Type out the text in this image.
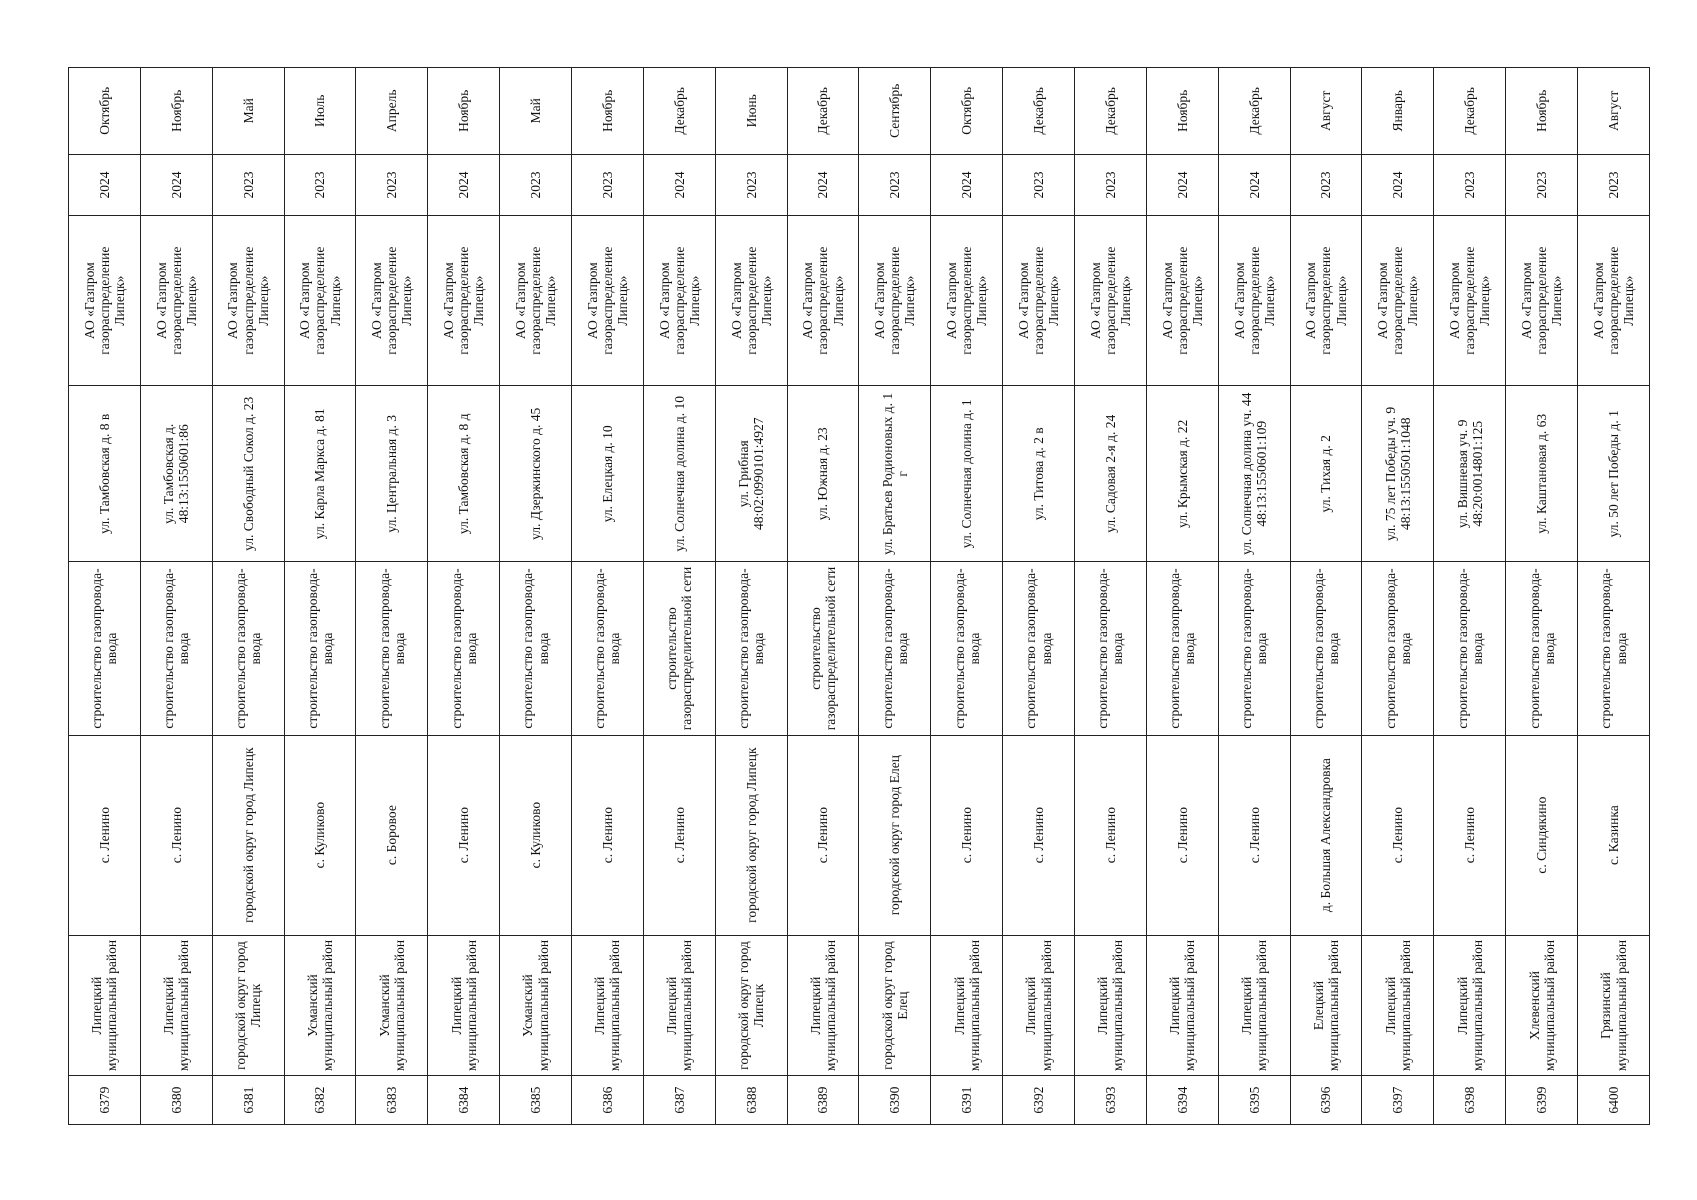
6379	Липецкий муниципальный район	с. Ленино	строительство газопровода-ввода	ул. Тамбовская д. 8 в	АО «Газпром газораспределение Липецк»	2024	Октябрь
6380	Липецкий муниципальный район	с. Ленино	строительство газопровода-ввода	ул. Тамбовская д. 48:13:1550601:86	АО «Газпром газораспределение Липецк»	2024	Ноябрь
6381	городской округ город Липецк	городской округ город Липецк	строительство газопровода-ввода	ул. Свободный Сокол д. 23	АО «Газпром газораспределение Липецк»	2023	Май
6382	Усманский муниципальный район	с. Куликово	строительство газопровода-ввода	ул. Карла Маркса д. 81	АО «Газпром газораспределение Липецк»	2023	Июль
6383	Усманский муниципальный район	с. Боровое	строительство газопровода-ввода	ул. Центральная д. 3	АО «Газпром газораспределение Липецк»	2023	Апрель
6384	Липецкий муниципальный район	с. Ленино	строительство газопровода-ввода	ул. Тамбовская д. 8 д	АО «Газпром газораспределение Липецк»	2024	Ноябрь
6385	Усманский муниципальный район	с. Куликово	строительство газопровода-ввода	ул. Дзержинского д. 45	АО «Газпром газораспределение Липецк»	2023	Май
6386	Липецкий муниципальный район	с. Ленино	строительство газопровода-ввода	ул. Елецкая д. 10	АО «Газпром газораспределение Липецк»	2023	Ноябрь
6387	Липецкий муниципальный район	с. Ленино	строительство газораспределительной сети	ул. Солнечная долина д. 10	АО «Газпром газораспределение Липецк»	2024	Декабрь
6388	городской округ город Липецк	городской округ город Липецк	строительство газопровода-ввода	ул. Грибная 48:02:0990101:4927	АО «Газпром газораспределение Липецк»	2023	Июнь
6389	Липецкий муниципальный район	с. Ленино	строительство газораспределительной сети	ул. Южная д. 23	АО «Газпром газораспределение Липецк»	2024	Декабрь
6390	городской округ город Елец	городской округ город Елец	строительство газопровода-ввода	ул. Братьев Родионовых д. 1 г	АО «Газпром газораспределение Липецк»	2023	Сентябрь
6391	Липецкий муниципальный район	с. Ленино	строительство газопровода-ввода	ул. Солнечная долина д. 1	АО «Газпром газораспределение Липецк»	2024	Октябрь
6392	Липецкий муниципальный район	с. Ленино	строительство газопровода-ввода	ул. Титова д. 2 в	АО «Газпром газораспределение Липецк»	2023	Декабрь
6393	Липецкий муниципальный район	с. Ленино	строительство газопровода-ввода	ул. Садовая 2-я д. 24	АО «Газпром газораспределение Липецк»	2023	Декабрь
6394	Липецкий муниципальный район	с. Ленино	строительство газопровода-ввода	ул. Крымская д. 22	АО «Газпром газораспределение Липецк»	2024	Ноябрь
6395	Липецкий муниципальный район	с. Ленино	строительство газопровода-ввода	ул. Солнечная долина уч. 44 48:13:1550601:109	АО «Газпром газораспределение Липецк»	2024	Декабрь
6396	Елецкий муниципальный район	д. Большая Александровка	строительство газопровода-ввода	ул. Тихая д. 2	АО «Газпром газораспределение Липецк»	2023	Август
6397	Липецкий муниципальный район	с. Ленино	строительство газопровода-ввода	ул. 75 лет Победы уч. 9 48:13:1550501:1048	АО «Газпром газораспределение Липецк»	2024	Январь
6398	Липецкий муниципальный район	с. Ленино	строительство газопровода-ввода	ул. Вишневая уч. 9 48:20:0014801:125	АО «Газпром газораспределение Липецк»	2023	Декабрь
6399	Хлевенский муниципальный район	с. Синдякино	строительство газопровода-ввода	ул. Каштановая д. 63	АО «Газпром газораспределение Липецк»	2023	Ноябрь
6400	Грязинский муниципальный район	с. Казинка	строительство газопровода-ввода	ул. 50 лет Победы д. 1	АО «Газпром газораспределение Липецк»	2023	Август
